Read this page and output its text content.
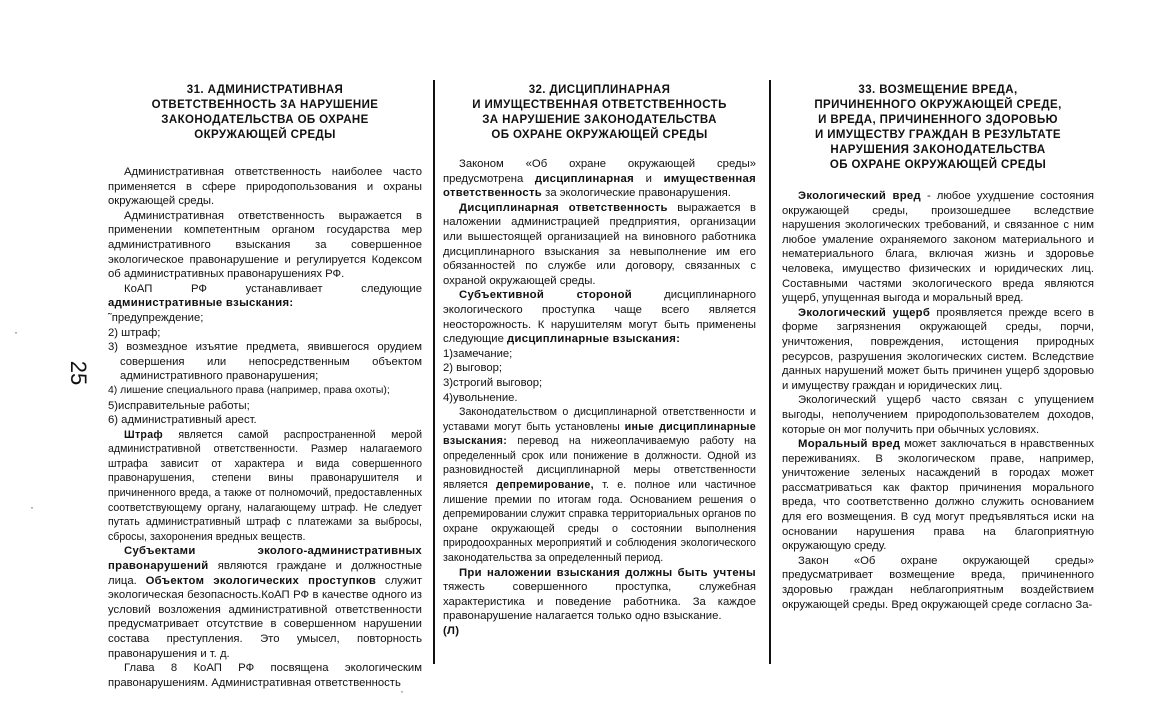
25
31. АДМИНИСТРАТИВНАЯ
ОТВЕТСТВЕННОСТЬ ЗА НАРУШЕНИЕ
ЗАКОНОДАТЕЛЬСТВА ОБ ОХРАНЕ
ОКРУЖАЮЩЕЙ СРЕДЫ

Административная ответственность наиболее часто применяется в сфере природопользования и охраны окружающей среды.

Административная ответственность выражается в применении компетентным органом государства мер административного взыскания за совершенное экологическое правонарушение и регулируется Кодексом об административных правонарушениях РФ.

КоАП РФ устанавливает следующие административные взыскания:

˜предупреждение;

2) штраф;

3) возмездное изъятие предмета, явившегося орудием совершения или непосредственным объектом административного правонарушения;

4) лишение специального права (например, права охоты);

5)исправительные работы;

6) административный арест.

Штраф является самой распространенной мерой административной ответственности. Размер налагаемого штрафа зависит от характера и вида совершенного правонарушения, степени вины правонарушителя и причиненного вреда, а также от полномочий, предоставленных соответствующему органу, налагающему штраф. Не следует путать административный штраф с платежами за выбросы, сбросы, захоронения вредных веществ.

Субъектами эколого-административных правонарушений являются граждане и должностные лица. Объектом экологических проступков служит экологическая безопасность.КоАП РФ в качестве одного из условий возложения административной ответственности предусматривает отсутствие в совершенном нарушении состава преступления. Это умысел, повторность правонарушения и т. д.

Глава 8 КоАП РФ посвящена экологическим правонарушениям. Административная ответственность

32. ДИСЦИПЛИНАРНАЯ
И ИМУЩЕСТВЕННАЯ ОТВЕТСТВЕННОСТЬ
ЗА НАРУШЕНИЕ ЗАКОНОДАТЕЛЬСТВА
ОБ ОХРАНЕ ОКРУЖАЮЩЕЙ СРЕДЫ

Законом «Об охране окружающей среды» предусмотрена дисциплинарная и имущественная ответственность за экологические правонарушения.

Дисциплинарная ответственность выражается в наложении администрацией предприятия, организации или вышестоящей организацией на виновного работника дисциплинарного взыскания за невыполнение им его обязанностей по службе или договору, связанных с охраной окружающей среды.

Субъективной стороной дисциплинарного экологического проступка чаще всего является неосторожность. К нарушителям могут быть применены следующие дисциплинарные взыскания:

1)замечание;

2) выговор;

3)строгий выговор;

4)увольнение.

Законодательством о дисциплинарной ответственности и уставами могут быть установлены иные дисциплинарные взыскания: перевод на нижеоплачиваемую работу на определенный срок или понижение в должности. Одной из разновидностей дисциплинарной меры ответственности является депремирование, т. е. полное или частичное лишение премии по итогам года. Основанием решения о депремировании служит справка территориальных органов по охране окружающей среды о состоянии выполнения природоохранных мероприятий и соблюдения экологического законодательства за определенный период.

При наложении взыскания должны быть учтены тяжесть совершенного проступка, служебная характеристика и поведение работника. За каждое правонарушение налагается только одно взыскание.

(Л)

33. ВОЗМЕЩЕНИЕ ВРЕДА,
ПРИЧИНЕННОГО ОКРУЖАЮЩЕЙ СРЕДЕ,
И ВРЕДА, ПРИЧИНЕННОГО ЗДОРОВЬЮ
И ИМУЩЕСТВУ ГРАЖДАН В РЕЗУЛЬТАТЕ
НАРУШЕНИЯ ЗАКОНОДАТЕЛЬСТВА
ОБ ОХРАНЕ ОКРУЖАЮЩЕЙ СРЕДЫ

Экологический вред - любое ухудшение состояния окружающей среды, произошедшее вследствие нарушения экологических требований, и связанное с ним любое умаление охраняемого законом материального и нематериального блага, включая жизнь и здоровье человека, имущество физических и юридических лиц. Составными частями экологического вреда являются ущерб, упущенная выгода и моральный вред.

Экологический ущерб проявляется прежде всего в форме загрязнения окружающей среды, порчи, уничтожения, повреждения, истощения природных ресурсов, разрушения экологических систем. Вследствие данных нарушений может быть причинен ущерб здоровью и имуществу граждан и юридических лиц.

Экологический ущерб часто связан с упущением выгоды, неполучением природопользователем доходов, которые он мог получить при обычных условиях.

Моральный вред может заключаться в нравственных переживаниях. В экологическом праве, например, уничтожение зеленых насаждений в городах может рассматриваться как фактор причинения морального вреда, что соответственно должно служить основанием для его возмещения. В суд могут предъявляться иски на основании нарушения права на благоприятную окружающую среду.

Закон «Об охране окружающей среды» предусматривает возмещение вреда, причиненного здоровью граждан неблагоприятным воздействием окружающей среды. Вред окружающей среде согласно За-

·
·
·
